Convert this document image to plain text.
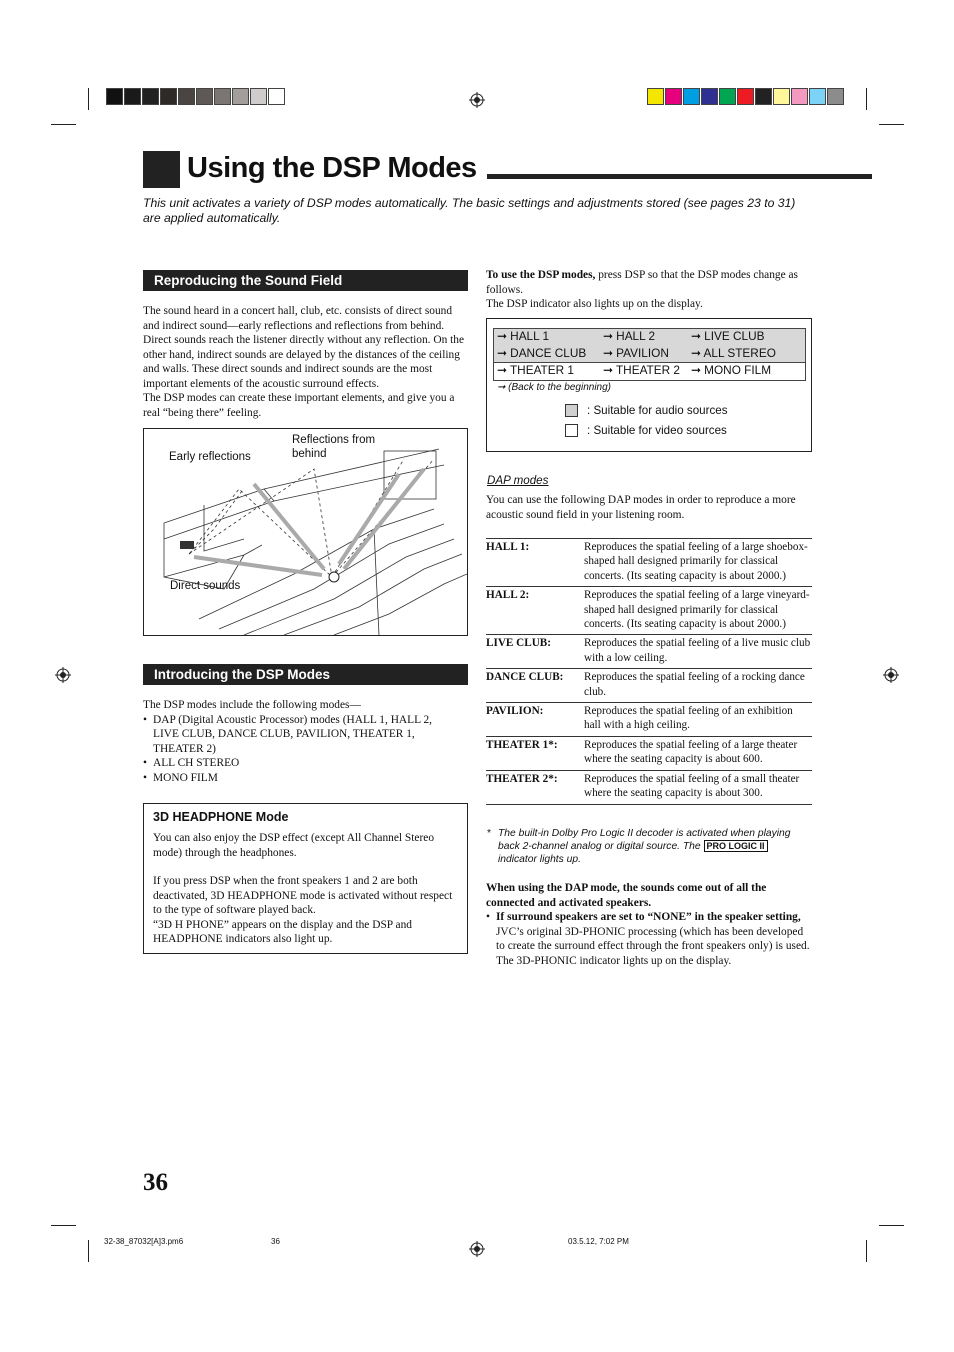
Using the DSP Modes
This unit activates a variety of DSP modes automatically. The basic settings and adjustments stored (see pages 23 to 31) are applied automatically.
Reproducing the Sound Field
The sound heard in a concert hall, club, etc. consists of direct sound and indirect sound—early reflections and reflections from behind. Direct sounds reach the listener directly without any reflection. On the other hand, indirect sounds are delayed by the distances of the ceiling and walls. These direct sounds and indirect sounds are the most important elements of the acoustic surround effects.
The DSP modes can create these important elements, and give you a real “being there” feeling.
Early reflections
Reflections from behind
Direct sounds
Introducing the DSP Modes
The DSP modes include the following modes—
• DAP (Digital Acoustic Processor) modes (HALL 1, HALL 2, LIVE CLUB, DANCE CLUB, PAVILION, THEATER 1, THEATER 2)
• ALL CH STEREO
• MONO FILM
3D HEADPHONE Mode
You can also enjoy the DSP effect (except All Channel Stereo mode) through the headphones.
If you press DSP when the front speakers 1 and 2 are both deactivated, 3D HEADPHONE mode is activated without respect to the type of software played back.
“3D H PHONE” appears on the display and the DSP and HEADPHONE indicators also light up.
To use the DSP modes, press DSP so that the DSP modes change as follows.
The DSP indicator also lights up on the display.
➞ HALL 1	➞ HALL 2	➞ LIVE CLUB
➞ DANCE CLUB ➞ PAVILION ➞ ALL STEREO
➞ THEATER 1 ➞ THEATER 2 ➞ MONO FILM
➞ (Back to the beginning)
: Suitable for audio sources
: Suitable for video sources
DAP modes
You can use the following DAP modes in order to reproduce a more acoustic sound field in your listening room.
HALL 1:	Reproduces the spatial feeling of a large shoebox-shaped hall designed primarily for classical concerts. (Its seating capacity is about 2000.)
HALL 2:	Reproduces the spatial feeling of a large vineyard-shaped hall designed primarily for classical concerts. (Its seating capacity is about 2000.)
LIVE CLUB:	Reproduces the spatial feeling of a live music club with a low ceiling.
DANCE CLUB:	Reproduces the spatial feeling of a rocking dance club.
PAVILION:	Reproduces the spatial feeling of an exhibition hall with a high ceiling.
THEATER 1*:	Reproduces the spatial feeling of a large theater where the seating capacity is about 600.
THEATER 2*:	Reproduces the spatial feeling of a small theater where the seating capacity is about 300.
* The built-in Dolby Pro Logic II decoder is activated when playing back 2-channel analog or digital source. The PRO LOGIC II indicator lights up.
When using the DAP mode, the sounds come out of all the connected and activated speakers.
• If surround speakers are set to “NONE” in the speaker setting, JVC’s original 3D-PHONIC processing (which has been developed to create the surround effect through the front speakers only) is used.
The 3D-PHONIC indicator lights up on the display.
36
32-38_87032[A]3.pm6	36	03.5.12, 7:02 PM
